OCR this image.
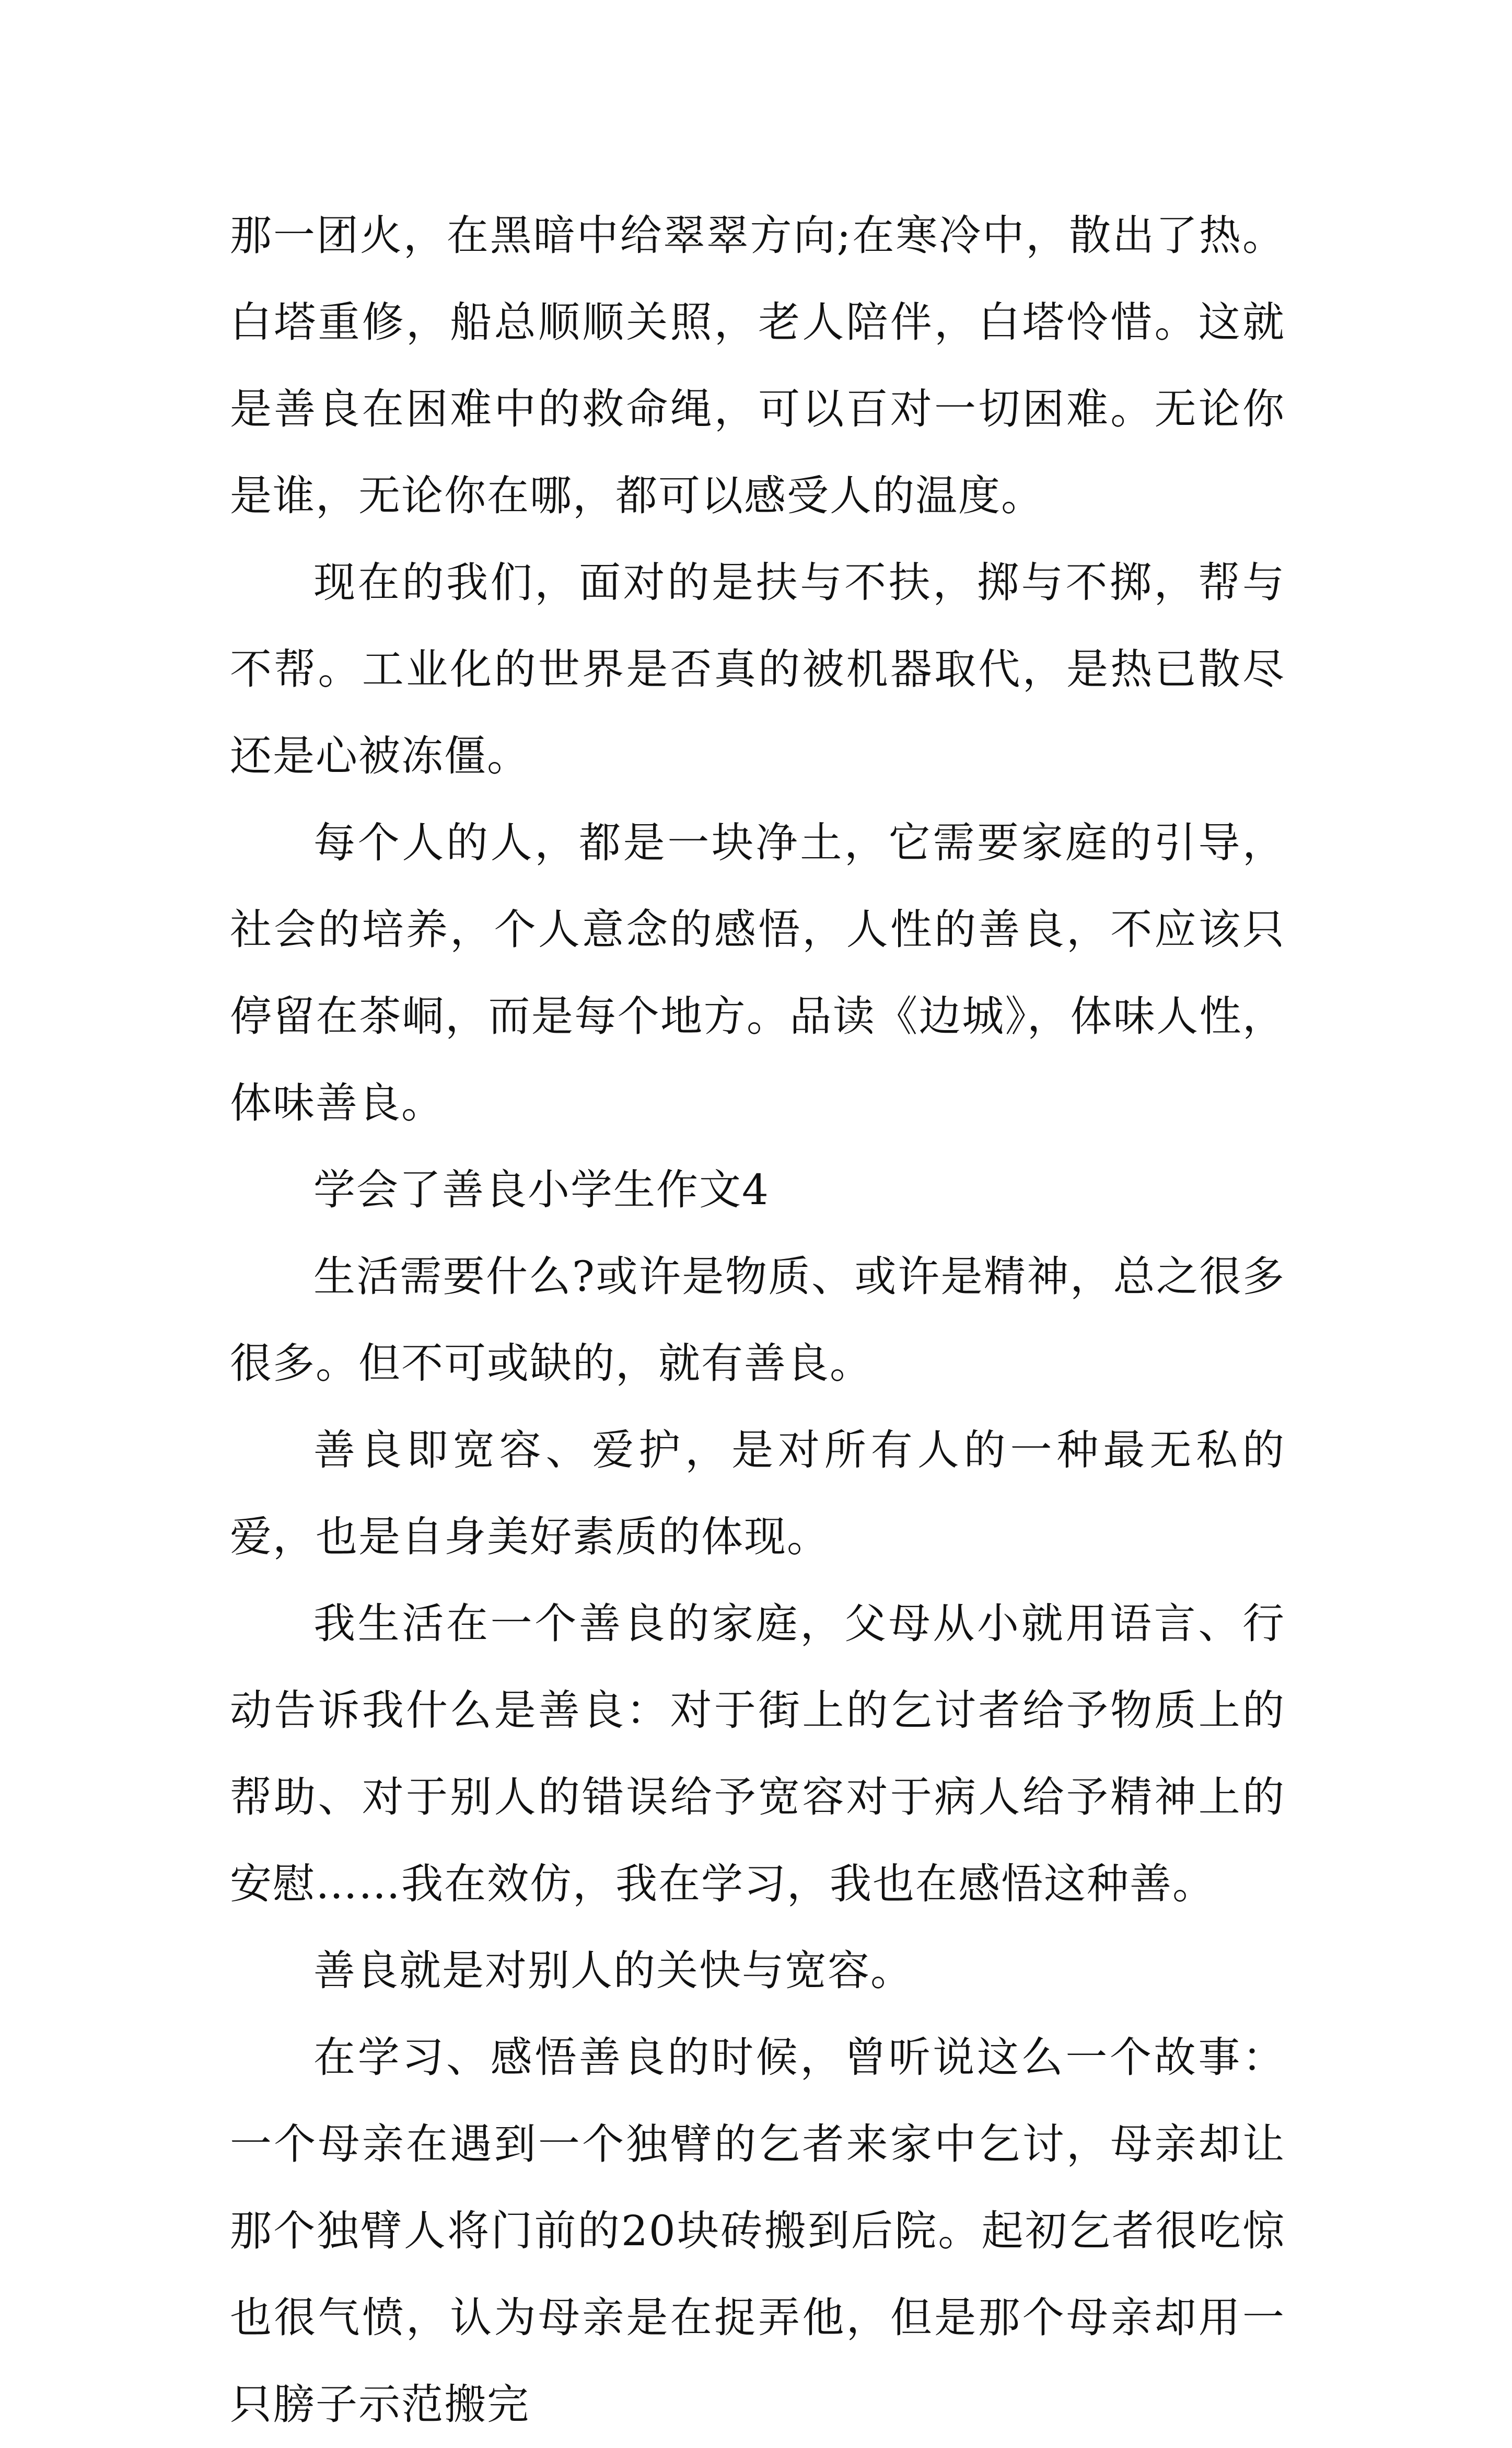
那一团火，在黑暗中给翠翠方向;在寒冷中，散出了热。白塔重修，船总顺顺关照，老人陪伴，白塔怜惜。这就是善良在困难中的救命绳，可以百对一切困难。无论你是谁，无论你在哪，都可以感受人的温度。

现在的我们，面对的是扶与不扶，掷与不掷，帮与不帮。工业化的世界是否真的被机器取代，是热已散尽还是心被冻僵。

每个人的人，都是一块净土，它需要家庭的引导，社会的培养，个人意念的感悟，人性的善良，不应该只停留在茶峒，而是每个地方。品读《边城》，体味人性，体味善良。

学会了善良小学生作文4

生活需要什么?或许是物质、或许是精神，总之很多很多。但不可或缺的，就有善良。

善良即宽容、爱护，是对所有人的一种最无私的爱，也是自身美好素质的体现。

我生活在一个善良的家庭，父母从小就用语言、行动告诉我什么是善良：对于街上的乞讨者给予物质上的帮助、对于别人的错误给予宽容对于病人给予精神上的安慰……我在效仿，我在学习，我也在感悟这种善。

善良就是对别人的关快与宽容。

在学习、感悟善良的时候，曾听说这么一个故事：一个母亲在遇到一个独臂的乞者来家中乞讨，母亲却让那个独臂人将门前的20块砖搬到后院。起初乞者很吃惊也很气愤，认为母亲是在捉弄他，但是那个母亲却用一只膀子示范搬完
